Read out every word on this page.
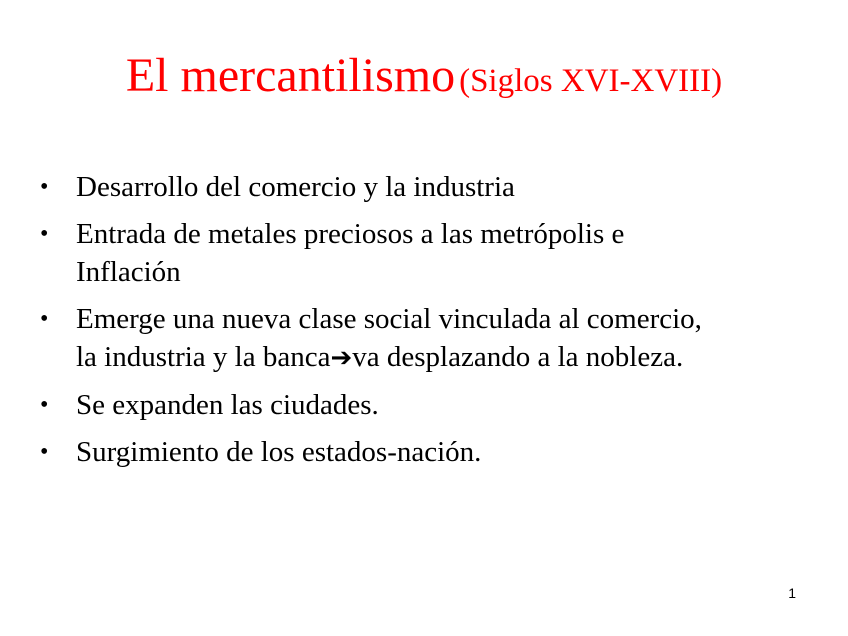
El mercantilismo (Siglos XVI-XVIII)
• Desarrollo del comercio y la industria
• Entrada de metales preciosos a las metrópolis e
Inflación
• Emerge una nueva clase social vinculada al comercio,
la industria y la banca➔va desplazando a la nobleza.
• Se expanden las ciudades.
• Surgimiento de los estados-nación.
1
